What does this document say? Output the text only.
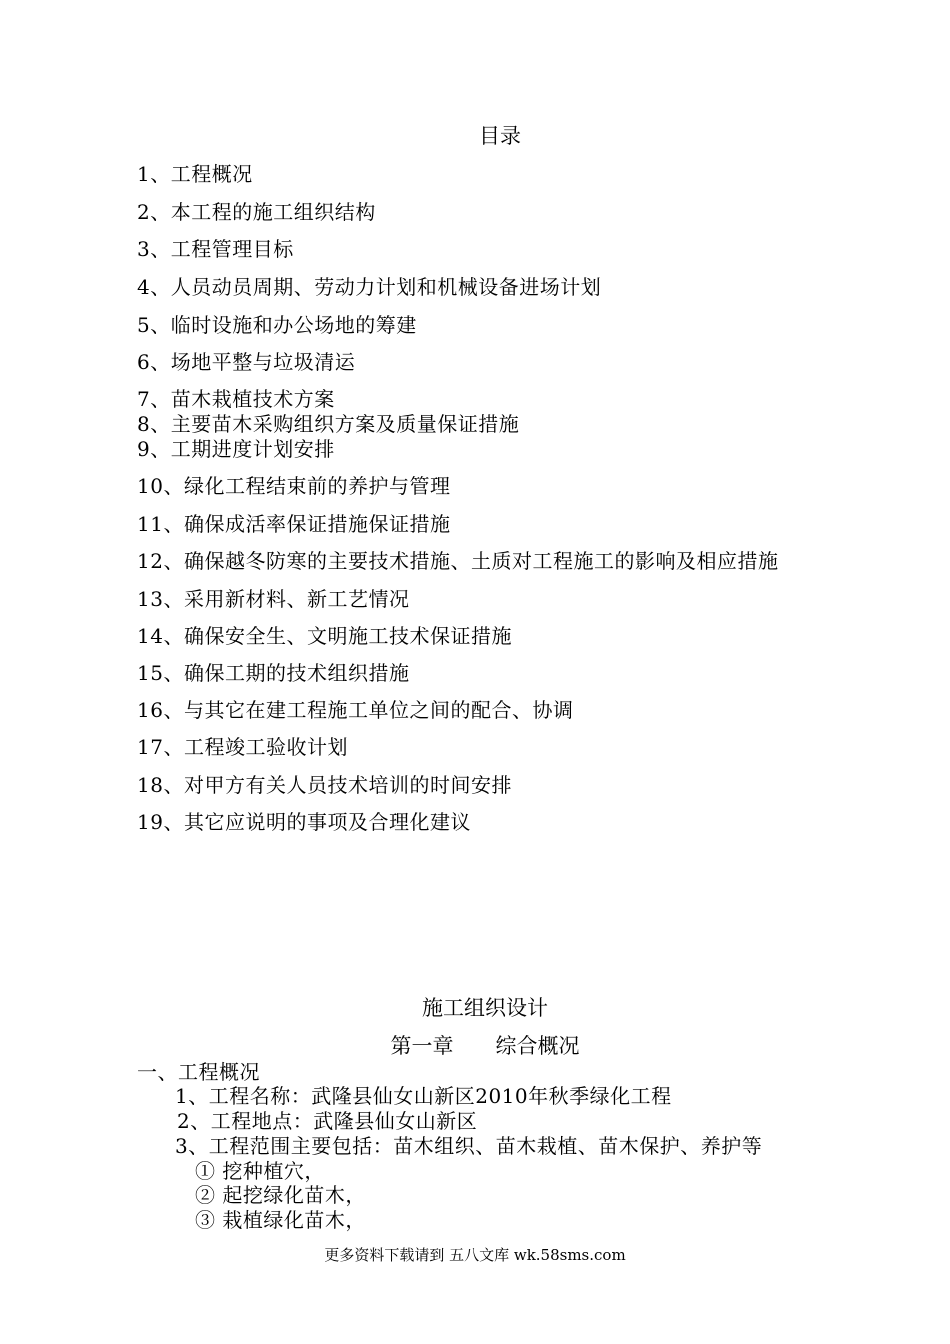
目录
1、工程概况
2、本工程的施工组织结构
3、工程管理目标
4、人员动员周期、劳动力计划和机械设备进场计划
5、临时设施和办公场地的筹建
6、场地平整与垃圾清运
7、苗木栽植技术方案
8、主要苗木采购组织方案及质量保证措施
9、工期进度计划安排
10、绿化工程结束前的养护与管理
11、确保成活率保证措施保证措施
12、确保越冬防寒的主要技术措施、土质对工程施工的影响及相应措施
13、采用新材料、新工艺情况
14、确保安全生、文明施工技术保证措施
15、确保工期的技术组织措施
16、与其它在建工程施工单位之间的配合、协调
17、工程竣工验收计划
18、对甲方有关人员技术培训的时间安排
19、其它应说明的事项及合理化建议
施工组织设计
第一章　　综合概况
一、工程概况
1、工程名称：武隆县仙女山新区2010年秋季绿化工程
2、工程地点：武隆县仙女山新区
3、工程范围主要包括：苗木组织、苗木栽植、苗木保护、养护等
① 挖种植穴，
② 起挖绿化苗木，
③ 栽植绿化苗木，
更多资料下载请到 五八文库 wk.58sms.com
